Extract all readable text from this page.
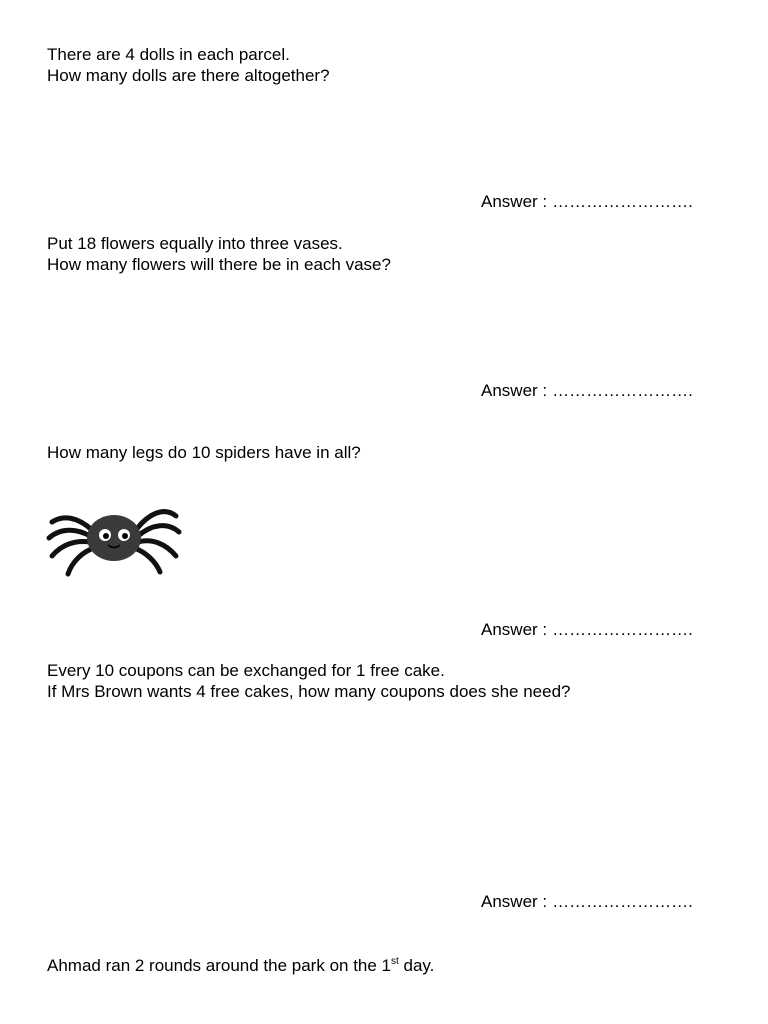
There are 4 dolls in each parcel.
How many dolls are there altogether?
Answer : …………………….
Put 18 flowers equally into three vases.
How many flowers will there be in each vase?
Answer : …………………….
How many legs do 10 spiders have in all?
Answer : …………………….
Every 10 coupons can be exchanged for 1 free cake.
If Mrs Brown wants 4 free cakes, how many coupons does she need?
Answer : …………………….
Ahmad ran 2 rounds around the park on the 1st day.
